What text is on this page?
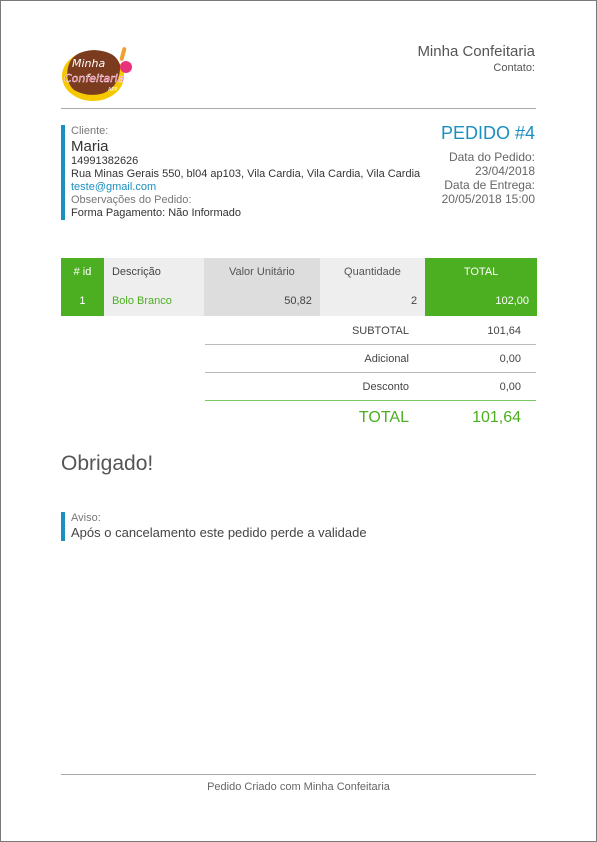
Minha
Confeitaria
APP
Minha Confeitaria
Contato:
Cliente:
Maria
14991382626
Rua Minas Gerais 550, bl04 ap103, Vila Cardia, Vila Cardia, Vila Cardia
teste@gmail.com
Observações do Pedido:
Forma Pagamento: Não Informado
PEDIDO #4
Data do Pedido:
23/04/2018
Data de Entrega:
20/05/2018 15:00
# id	Descrição	Valor Unitário	Quantidade	TOTAL
1	Bolo Branco	50,82	2	102,00
SUBTOTAL	101,64
Adicional	0,00
Desconto	0,00
TOTAL	101,64
Obrigado!
Aviso:
Após o cancelamento este pedido perde a validade
Pedido Criado com Minha Confeitaria
